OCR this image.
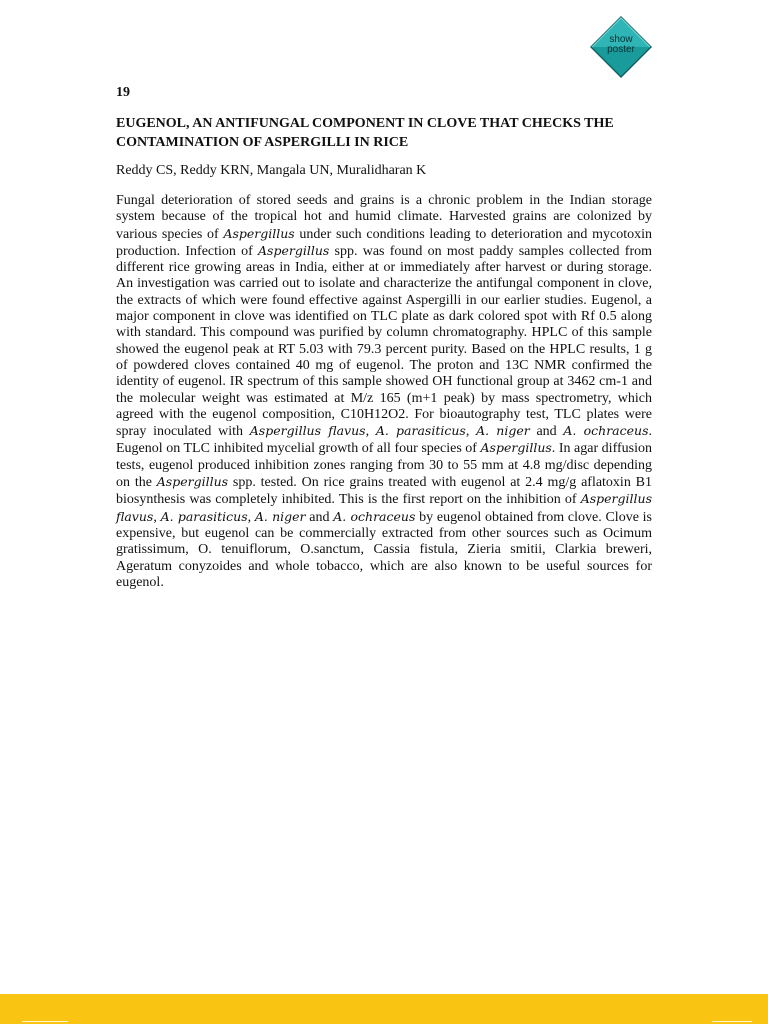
show
poster
19
EUGENOL, AN ANTIFUNGAL COMPONENT IN CLOVE THAT CHECKS THE CONTAMINATION OF ASPERGILLI IN RICE
Reddy CS, Reddy KRN, Mangala UN, Muralidharan K

Fungal deterioration of stored seeds and grains is a chronic problem in the Indian storage system because of the tropical hot and humid climate. Harvested grains are colonized by various species of Aspergillus under such conditions leading to deterioration and mycotoxin production. Infection of Aspergillus spp. was found on most paddy samples collected from different rice growing areas in India, either at or immediately after harvest or during storage. An investigation was carried out to isolate and characterize the antifungal component in clove, the extracts of which were found effective against Aspergilli in our earlier studies. Eugenol, a major component in clove was identified on TLC plate as dark colored spot with Rf 0.5 along with standard. This compound was purified by column chromatography. HPLC of this sample showed the eugenol peak at RT 5.03 with 79.3 percent purity. Based on the HPLC results, 1 g of powdered cloves contained 40 mg of eugenol. The proton and 13C NMR confirmed the identity of eugenol. IR spectrum of this sample showed OH functional group at 3462 cm-1 and the molecular weight was estimated at M/z 165 (m+1 peak) by mass spectrometry, which agreed with the eugenol composition, C10H12O2. For bioautography test, TLC plates were spray inoculated with Aspergillus flavus, A. parasiticus, A. niger and A. ochraceus. Eugenol on TLC inhibited mycelial growth of all four species of Aspergillus. In agar diffusion tests, eugenol produced inhibition zones ranging from 30 to 55 mm at 4.8 mg/disc depending on the Aspergillus spp. tested. On rice grains treated with eugenol at 2.4 mg/g aflatoxin B1 biosynthesis was completely inhibited. This is the first report on the inhibition of Aspergillus flavus, A. parasiticus, A. niger and A. ochraceus by eugenol obtained from clove. Clove is expensive, but eugenol can be commercially extracted from other sources such as Ocimum gratissimum, O. tenuiflorum, O.sanctum, Cassia fistula, Zieria smitii, Clarkia breweri, Ageratum conyzoides and whole tobacco, which are also known to be useful sources for eugenol.
